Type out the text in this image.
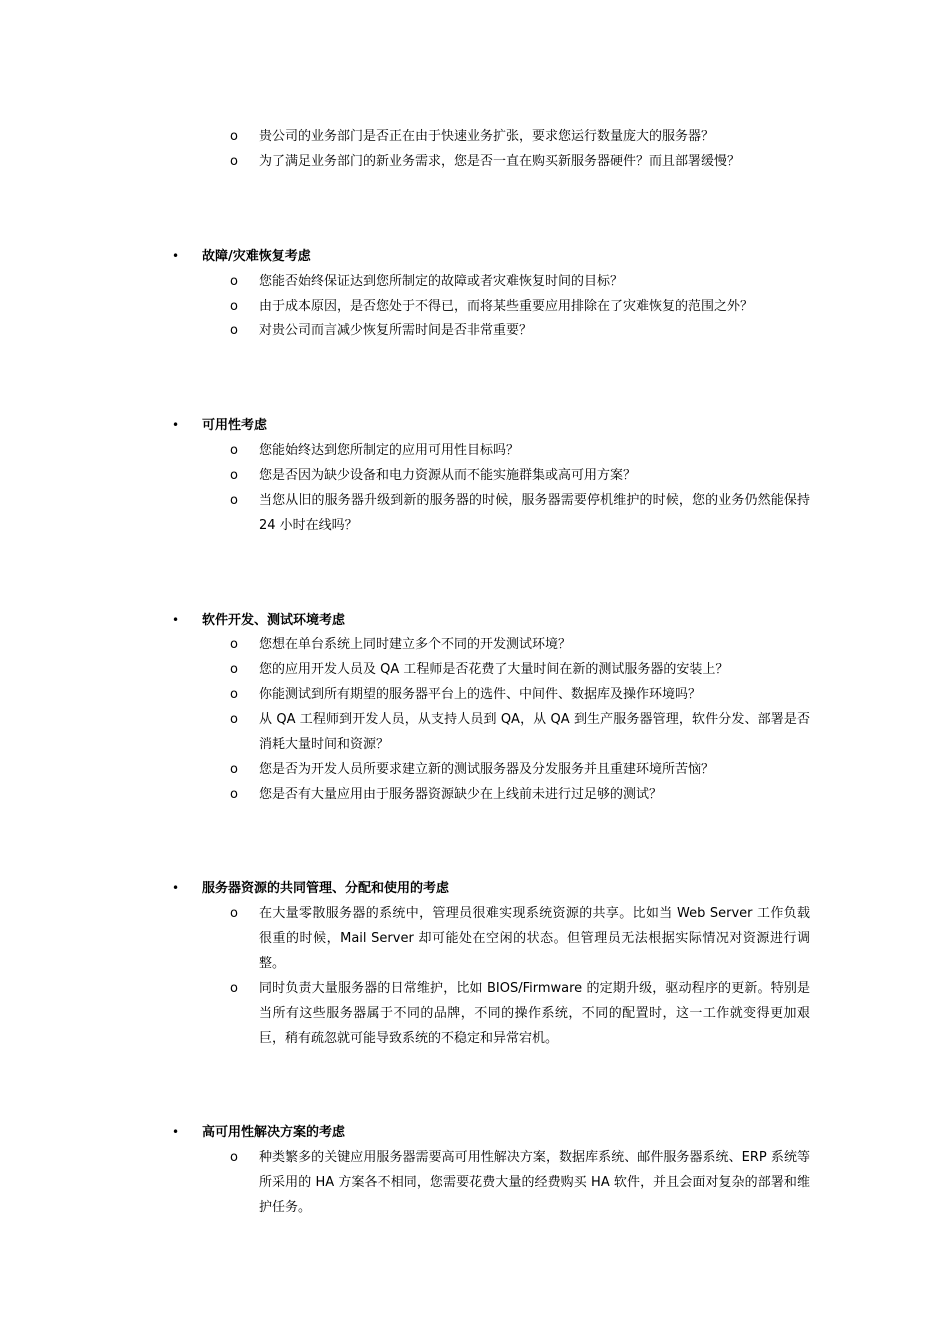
o	贵公司的业务部门是否正在由于快速业务扩张，要求您运行数量庞大的服务器？
o	为了满足业务部门的新业务需求，您是否一直在购买新服务器硬件？而且部署缓慢？
• 故障/灾难恢复考虑
o	您能否始终保证达到您所制定的故障或者灾难恢复时间的目标？
o	由于成本原因，是否您处于不得已，而将某些重要应用排除在了灾难恢复的范围之外？
o	对贵公司而言减少恢复所需时间是否非常重要？
• 可用性考虑
o	您能始终达到您所制定的应用可用性目标吗？
o	您是否因为缺少设备和电力资源从而不能实施群集或高可用方案？
o	当您从旧的服务器升级到新的服务器的时候，服务器需要停机维护的时候，您的业务仍然能保持 24 小时在线吗？
• 软件开发、测试环境考虑
o	您想在单台系统上同时建立多个不同的开发测试环境？
o	您的应用开发人员及 QA 工程师是否花费了大量时间在新的测试服务器的安装上？
o	你能测试到所有期望的服务器平台上的选件、中间件、数据库及操作环境吗？
o	从 QA 工程师到开发人员，从支持人员到 QA，从 QA 到生产服务器管理，软件分发、部署是否消耗大量时间和资源？
o	您是否为开发人员所要求建立新的测试服务器及分发服务并且重建环境所苦恼？
o	您是否有大量应用由于服务器资源缺少在上线前未进行过足够的测试？
• 服务器资源的共同管理、分配和使用的考虑
o	在大量零散服务器的系统中，管理员很难实现系统资源的共享。比如当 Web Server 工作负载很重的时候，Mail Server 却可能处在空闲的状态。但管理员无法根据实际情况对资源进行调整。
o	同时负责大量服务器的日常维护，比如 BIOS/Firmware 的定期升级，驱动程序的更新。特别是当所有这些服务器属于不同的品牌，不同的操作系统，不同的配置时，这一工作就变得更加艰巨，稍有疏忽就可能导致系统的不稳定和异常宕机。
• 高可用性解决方案的考虑
o	种类繁多的关键应用服务器需要高可用性解决方案，数据库系统、邮件服务器系统、ERP 系统等所采用的 HA 方案各不相同，您需要花费大量的经费购买 HA 软件，并且会面对复杂的部署和维护任务。
